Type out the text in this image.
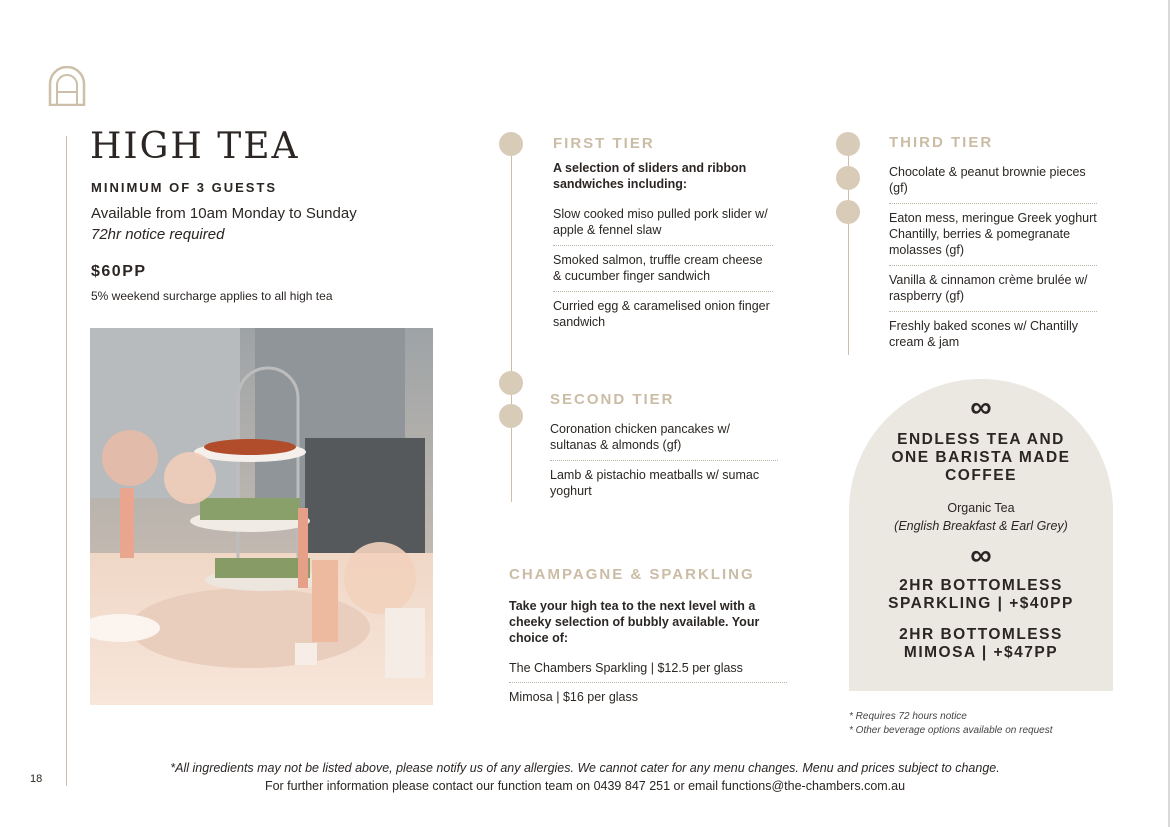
HIGH TEA
MINIMUM OF 3 GUESTS
Available from 10am Monday to Sunday
72hr notice required
$60PP
5% weekend surcharge applies to all high tea
FIRST TIER
A selection of sliders and ribbon sandwiches including:
Slow cooked miso pulled pork slider w/ apple & fennel slaw
Smoked salmon, truffle cream cheese & cucumber finger sandwich
Curried egg & caramelised onion finger sandwich
SECOND TIER
Coronation chicken pancakes w/ sultanas & almonds (gf)
Lamb & pistachio meatballs w/ sumac yoghurt
CHAMPAGNE & SPARKLING
Take your high tea to the next level with a cheeky selection of bubbly available. Your choice of:
The Chambers Sparkling | $12.5 per glass
Mimosa | $16 per glass
THIRD TIER
Chocolate & peanut brownie pieces (gf)
Eaton mess, meringue Greek yoghurt Chantilly, berries & pomegranate molasses (gf)
Vanilla & cinnamon crème brulée w/ raspberry (gf)
Freshly baked scones w/ Chantilly cream & jam
∞
ENDLESS TEA AND ONE BARISTA MADE COFFEE
Organic Tea
(English Breakfast & Earl Grey)
∞
2HR BOTTOMLESS SPARKLING | +$40PP
2HR BOTTOMLESS MIMOSA | +$47PP
* Requires 72 hours notice
* Other beverage options available on request
*All ingredients may not be listed above, please notify us of any allergies. We cannot cater for any menu changes. Menu and prices subject to change.
For further information please contact our function team on 0439 847 251 or email functions@the-chambers.com.au
18
